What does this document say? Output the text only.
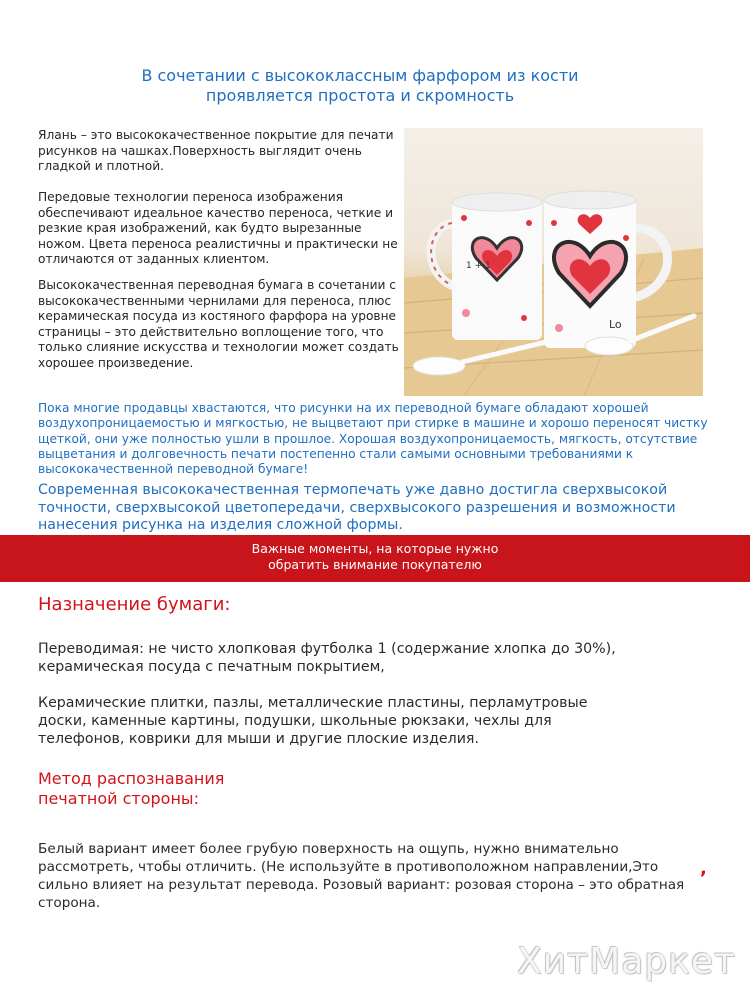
В сочетании с высококлассным фарфором из кости
проявляется простота и скромность

Ялань – это высококачественное покрытие для печати рисунков на чашках.Поверхность выглядит очень гладкой и плотной.

Передовые технологии переноса изображения обеспечивают идеальное качество переноса, четкие и резкие края изображений, как будто вырезанные ножом. Цвета переноса реалистичны и практически не отличаются от заданных клиентом.

Высококачественная переводная бумага в сочетании с высококачественными чернилами для переноса, плюс керамическая посуда из костяного фарфора на уровне страницы – это действительно воплощение того, что только слияние искусства и технологии может создать хорошее произведение.

1 + 1
Lo
Пока многие продавцы хвастаются, что рисунки на их переводной бумаге обладают хорошей воздухопроницаемостью и мягкостью, не выцветают при стирке в машине и хорошо переносят чистку щеткой, они уже полностью ушли в прошлое. Хорошая воздухопроницаемость, мягкость, отсутствие выцветания и долговечность печати постепенно стали самыми основными требованиями к высококачественной переводной бумаге!
Современная высококачественная термопечать уже давно достигла сверхвысокой точности, сверхвысокой цветопередачи, сверхвысокого разрешения и возможности нанесения рисунка на изделия сложной формы.
Важные моменты, на которые нужно
обратить внимание покупателю
Назначение бумаги:
Переводимая: не чисто хлопковая футболка 1 (содержание хлопка до 30%),
керамическая посуда с печатным покрытием,
Керамические плитки, пазлы, металлические пластины, перламутровые доски, каменные картины, подушки, школьные рюкзаки, чехлы для телефонов, коврики для мыши и другие плоские изделия.
Метод распознавания
печатной стороны:
Белый вариант имеет более грубую поверхность на ощупь, нужно внимательно рассмотреть, чтобы отличить. (Не используйте в противоположном направлении,Это сильно влияет на результат перевода. Розовый вариант: розовая сторона – это обратная сторона.
,
ХитМаркет
